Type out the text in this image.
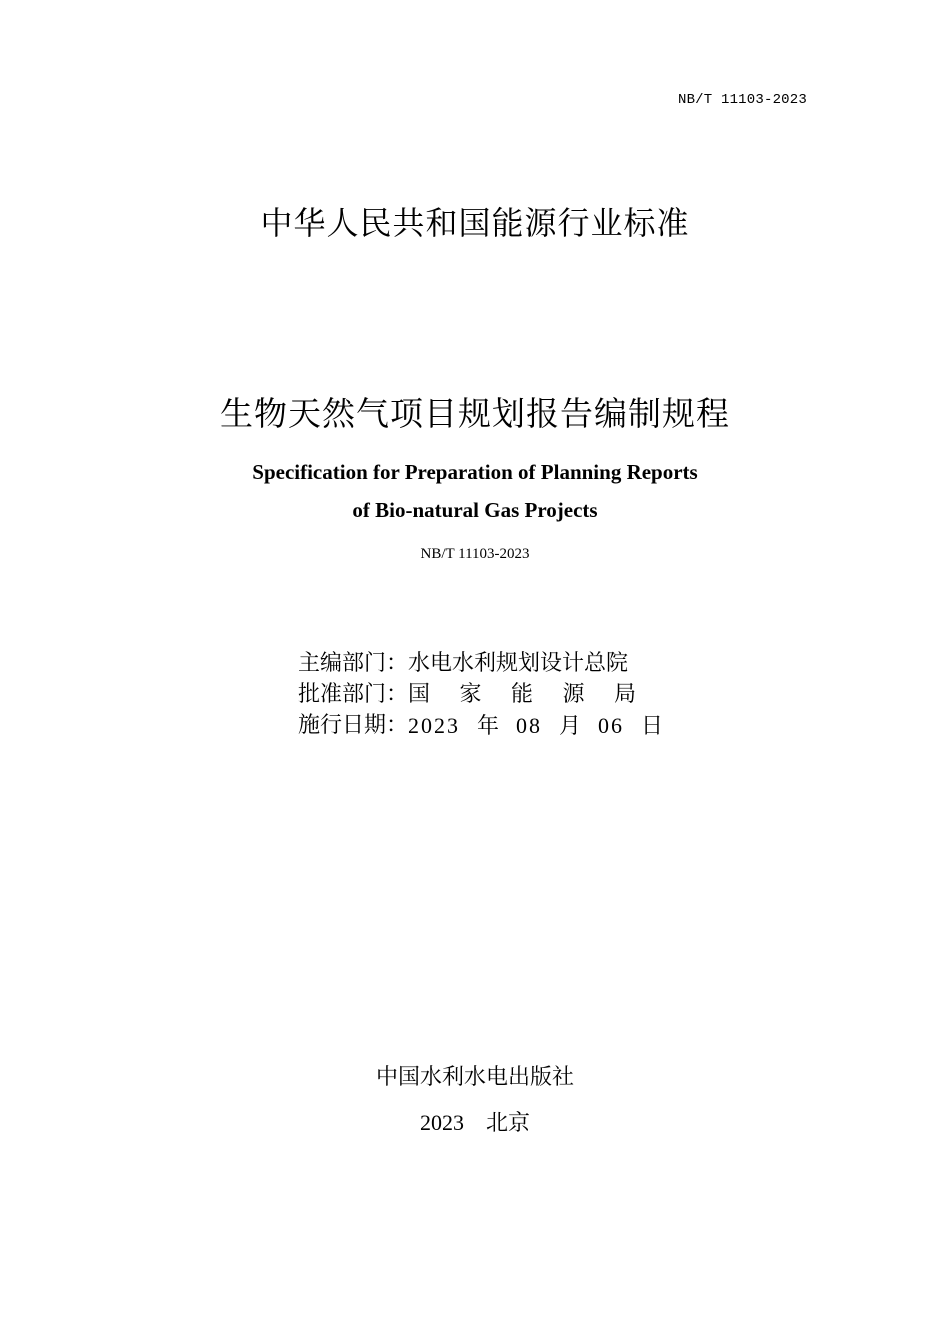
NB/T 11103-2023
中华人民共和国能源行业标准
生物天然气项目规划报告编制规程
Specification for Preparation of Planning Reports
of Bio-natural Gas Projects
NB/T 11103-2023
主编部门： 水电水利规划设计总院
批准部门： 国 家 能 源 局
施行日期： 2023 年 08 月 06 日
中国水利水电出版社
2023 北京
